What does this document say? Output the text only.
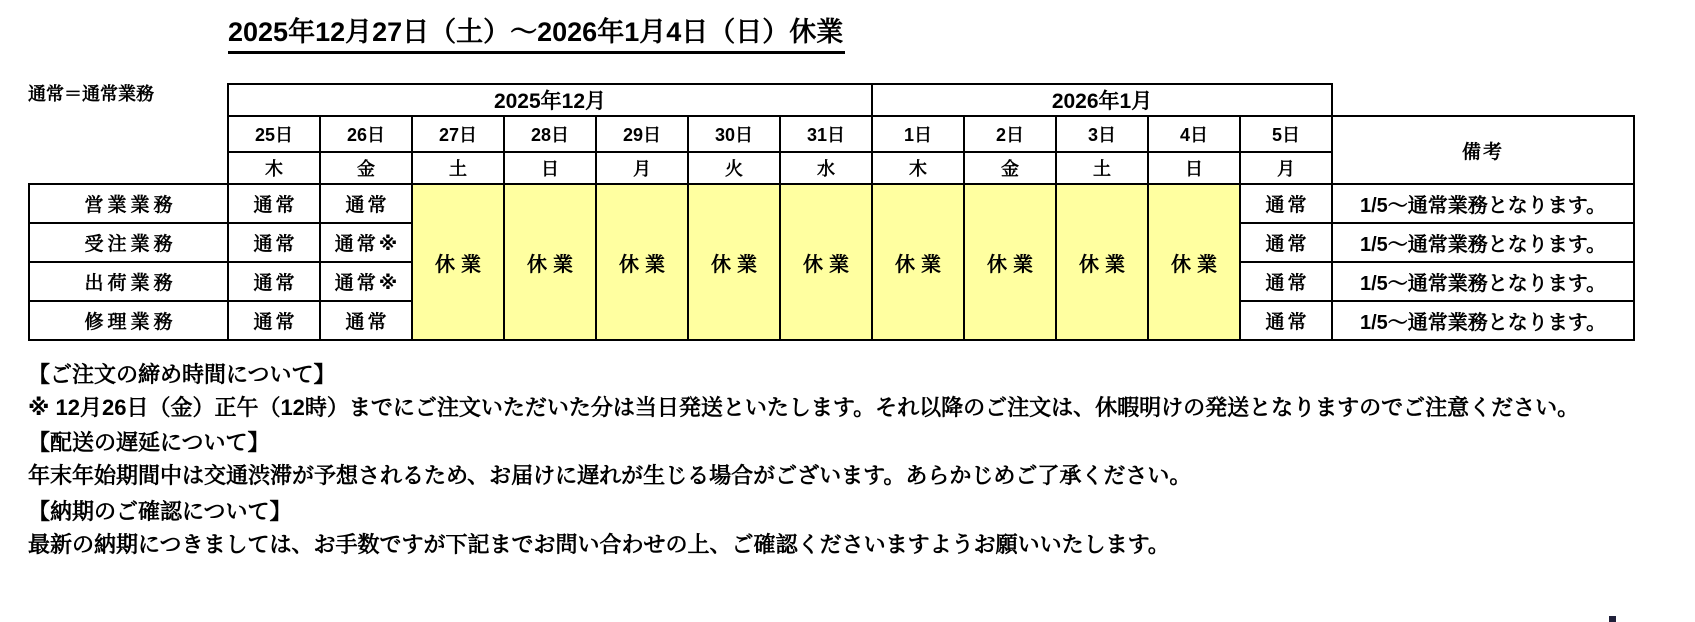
2025年12月27日（土）～2026年1月4日（日）休業
通常＝通常業務
		2025年12月							2026年1月					
	25日	26日	27日	28日	29日	30日	31日	1日	2日	3日	4日	5日	備考
	木	金	土	日	月	火	水	木	金	土	日	月	
営業業務	通常	通常	休業	休業	休業	休業	休業	休業	休業	休業	休業	通常	1/5～通常業務となります。
受注業務	通常	通常※										通常	1/5～通常業務となります。
出荷業務	通常	通常※										通常	1/5～通常業務となります。
修理業務	通常	通常										通常	1/5～通常業務となります。
【ご注文の締め時間について】

※ 12月26日（金）正午（12時）までにご注文いただいた分は当日発送といたします。それ以降のご注文は、休暇明けの発送となりますのでご注意ください。

【配送の遅延について】

年末年始期間中は交通渋滞が予想されるため、お届けに遅れが生じる場合がございます。あらかじめご了承ください。

【納期のご確認について】

最新の納期につきましては、お手数ですが下記までお問い合わせの上、ご確認くださいますようお願いいたします。
